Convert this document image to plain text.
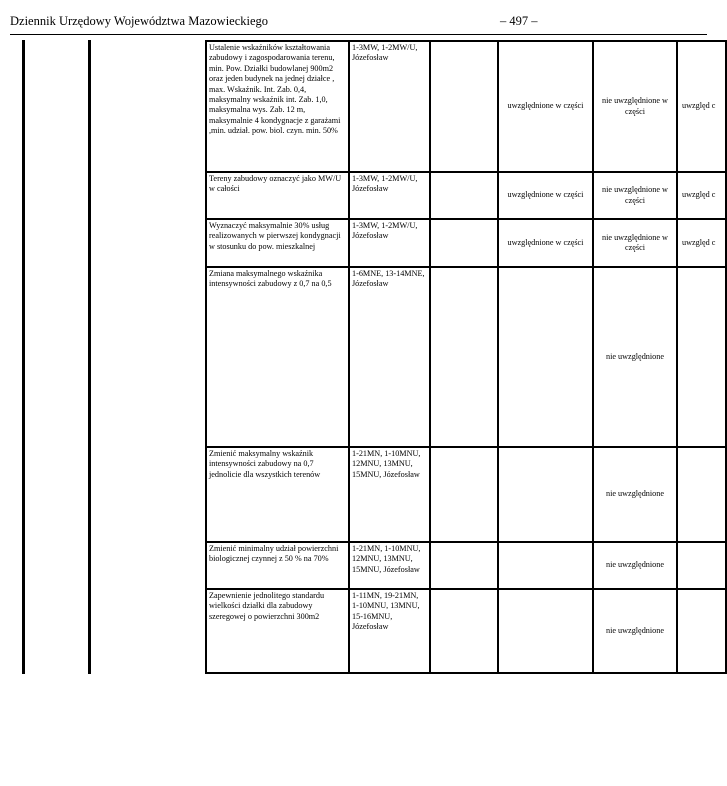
Dziennik Urzędowy Województwa Mazowieckiego	– 497 –
Ustalenie wskaźników kształtowania zabudowy i zagospodarowania terenu, min. Pow. Działki budowlanej 900m2 oraz jeden budynek na jednej działce , max. Wskaźnik. Int. Zab. 0,4, maksymalny wskaźnik int. Zab. 1,0, maksymalna wys. Zab. 12 m, maksymalnie 4 kondygnacje z garażami ,min. udział. pow. biol. czyn. min. 50%	1-3MW, 1-2MW/U, Józefosław		uwzględnione w części	nie uwzględnione w części	uwzględ c
Tereny zabudowy oznaczyć jako MW/U w całości	1-3MW, 1-2MW/U, Józefosław		uwzględnione w części	nie uwzględnione w części	uwzględ c
Wyznaczyć maksymalnie 30% usług realizowanych w pierwszej kondygnacji w stosunku do pow. mieszkalnej	1-3MW, 1-2MW/U, Józefosław		uwzględnione w części	nie uwzględnione w części	uwzględ c
Zmiana maksymalnego wskaźnika intensywności zabudowy z 0,7 na 0,5	1-6MNE, 13-14MNE, Józefosław			nie uwzględnione	
Zmienić maksymalny wskaźnik intensywności zabudowy na 0,7 jednolicie dla wszystkich terenów	1-21MN, 1-10MNU, 12MNU, 13MNU, 15MNU, Józefosław			nie uwzględnione	
Zmienić minimalny udział powierzchni biologicznej czynnej z 50 % na 70%	1-21MN, 1-10MNU, 12MNU, 13MNU, 15MNU, Józefosław			nie uwzględnione	
Zapewnienie jednolitego standardu wielkości działki dla zabudowy szeregowej o powierzchni 300m2	1-11MN, 19-21MN, 1-10MNU, 13MNU, 15-16MNU, Józefosław			nie uwzględnione	
